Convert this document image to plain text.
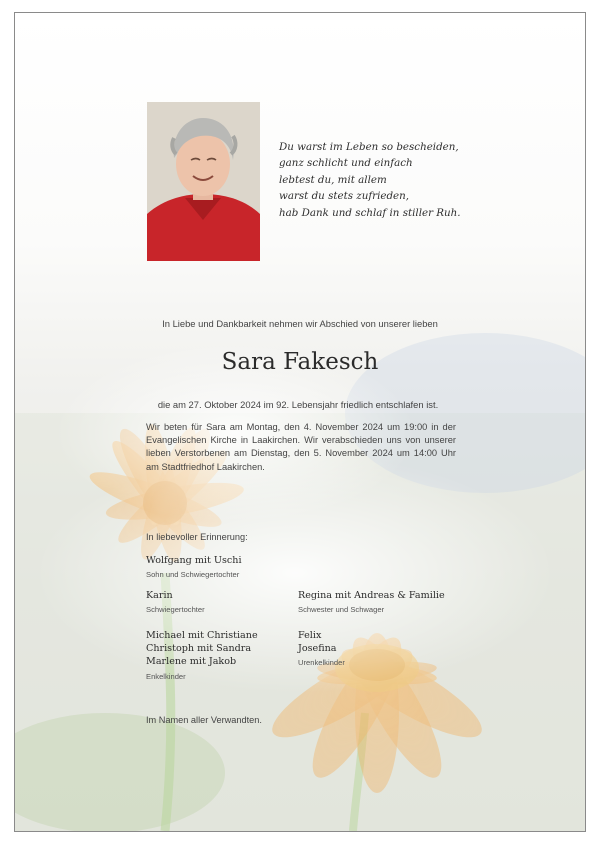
Du warst im Leben so bescheiden,
ganz schlicht und einfach
lebtest du, mit allem
warst du stets zufrieden,
hab Dank und schlaf in stiller Ruh.
In Liebe und Dankbarkeit nehmen wir Abschied von unserer lieben
Sara Fakesch
die am 27. Oktober 2024 im 92. Lebensjahr friedlich entschlafen ist.
Wir beten für Sara am Montag, den 4. November 2024 um 19:00 in der Evangelischen Kirche in Laakirchen. Wir verabschieden uns von unserer lieben Verstorbenen am Dienstag, den 5. November 2024 um 14:00 Uhr am Stadtfriedhof Laakirchen.
In liebevoller Erinnerung:
Wolfgang mit Uschi
Sohn und Schwiegertochter
Karin
Schwiegertochter
Regina mit Andreas & Familie
Schwester und Schwager
Michael mit Christiane
Christoph mit Sandra
Marlene mit Jakob
Enkelkinder
Felix
Josefina
Urenkelkinder
Im Namen aller Verwandten.
